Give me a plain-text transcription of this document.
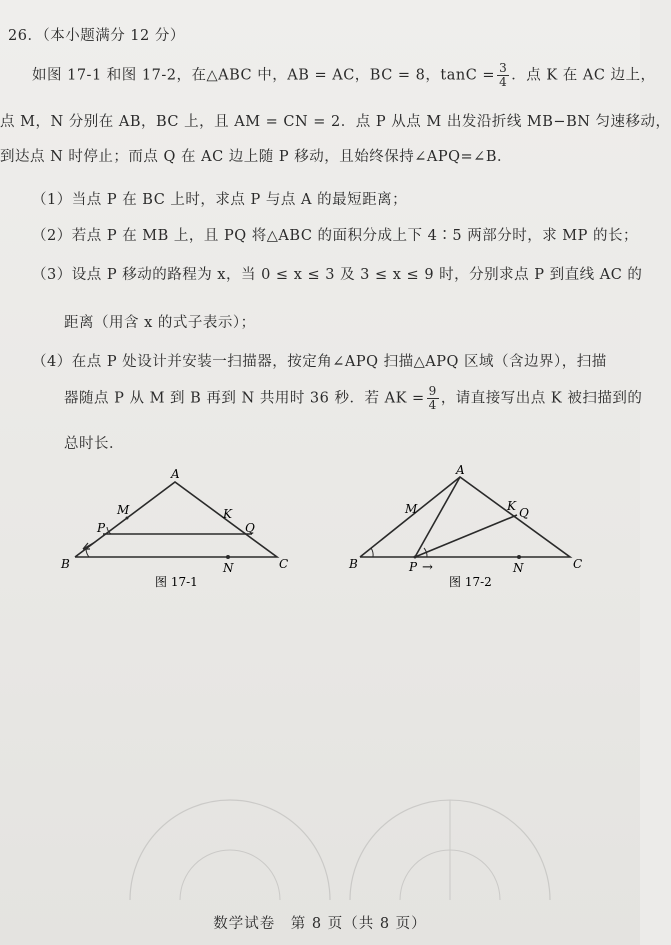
26．（本小题满分 12 分）
如图 17-1 和图 17-2，在△ABC 中，AB = AC，BC = 8，$\tan C = \frac{3}{4}$ ．点 K 在 AC 边上，
点 M，N 分别在 AB，BC 上，且 AM = CN = 2．点 P 从点 M 出发沿折线 MB−BN 匀速移动，
到达点 N 时停止；而点 Q 在 AC 边上随 P 移动，且始终保持∠APQ=∠B．
（1）当点 P 在 BC 上时，求点 P 与点 A 的最短距离；
（2）若点 P 在 MB 上，且 PQ 将△ABC 的面积分成上下 4∶5 两部分时，求 MP 的长；
（3）设点 P 移动的路程为 x，当 0 ≤ x ≤ 3 及 3 ≤ x ≤ 9 时，分别求点 P 到直线 AC 的
距离（用含 x 的式子表示）；
（4）在点 P 处设计并安装一扫描器，按定角∠APQ 扫描△APQ 区域（含边界），扫描
器随点 P 从 M 到 B 再到 N 共用时 36 秒．若 AK = $\frac{9}{4}$ ，请直接写出点 K 被扫描到的
总时长．
A
B	C
M	K
P	Q
N
图 17-1
A
B	C
M	K Q
P →	N
图 17-2
数学试卷　第 8 页（共 8 页）
